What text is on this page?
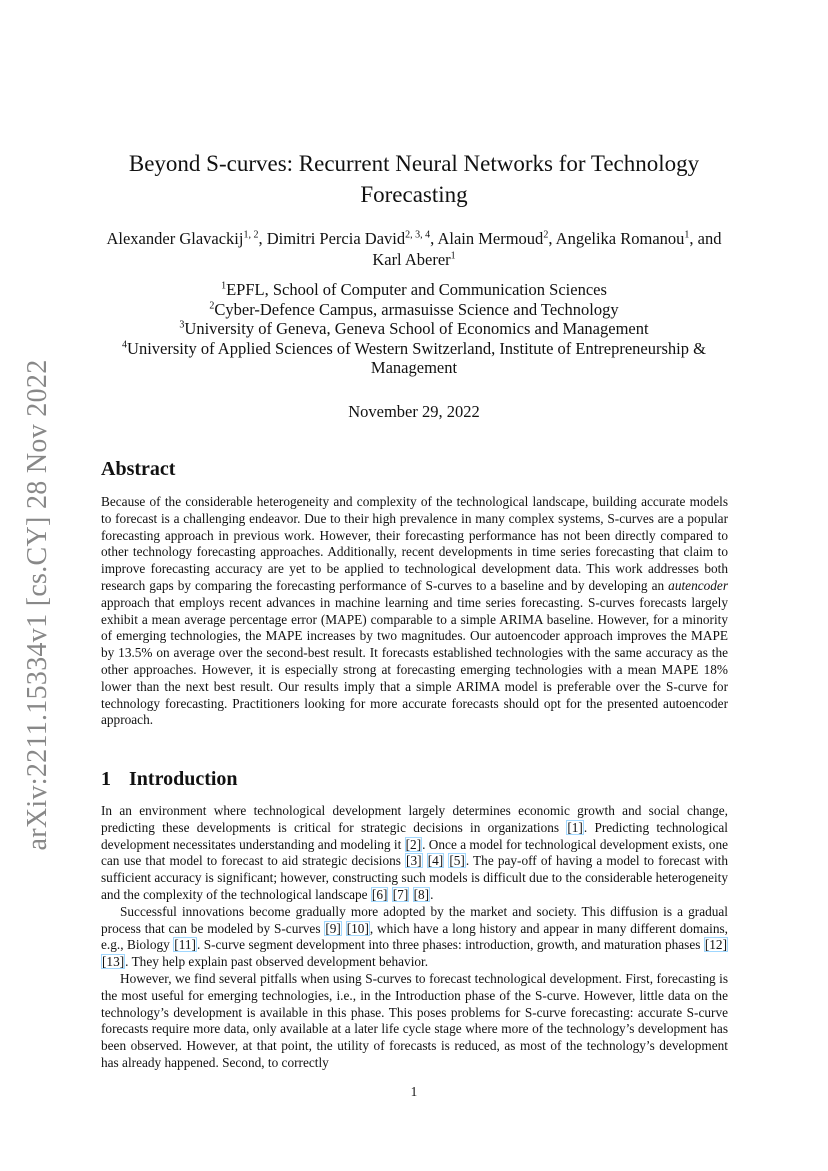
arXiv:2211.15334v1 [cs.CY] 28 Nov 2022
Beyond S-curves: Recurrent Neural Networks for Technology
Forecasting
Alexander Glavackij$^{1, 2}$, Dimitri Percia David$^{2, 3, 4}$, Alain Mermoud$^2$, Angelika Romanou$^1$, and Karl Aberer$^1$
$^1$EPFL, School of Computer and Communication Sciences
$^2$Cyber-Defence Campus, armasuisse Science and Technology
$^3$University of Geneva, Geneva School of Economics and Management
$^4$University of Applied Sciences of Western Switzerland, Institute of Entrepreneurship & Management
November 29, 2022
Abstract
Because of the considerable heterogeneity and complexity of the technological landscape, building accurate models to forecast is a challenging endeavor. Due to their high prevalence in many complex systems, S-curves are a popular forecasting approach in previous work. However, their forecasting performance has not been directly compared to other technology forecasting approaches. Additionally, recent developments in time series forecasting that claim to improve forecasting accuracy are yet to be applied to technological development data. This work addresses both research gaps by comparing the forecasting performance of S-curves to a baseline and by developing an autencoder approach that employs recent advances in machine learning and time series forecasting. S-curves forecasts largely exhibit a mean average percentage error (MAPE) comparable to a simple ARIMA baseline. However, for a minority of emerging technologies, the MAPE increases by two magnitudes. Our autoencoder approach improves the MAPE by 13.5% on average over the second-best result. It forecasts established technologies with the same accuracy as the other approaches. However, it is especially strong at forecasting emerging technologies with a mean MAPE 18% lower than the next best result. Our results imply that a simple ARIMA model is preferable over the S-curve for technology forecasting. Practitioners looking for more accurate forecasts should opt for the presented autoencoder approach.
1 Introduction

In an environment where technological development largely determines economic growth and social change, predicting these developments is critical for strategic decisions in organizations [1]. Predicting technological development necessitates understanding and modeling it [2]. Once a model for technological development exists, one can use that model to forecast to aid strategic decisions [3] [4] [5]. The pay-off of having a model to forecast with sufficient accuracy is significant; however, constructing such models is difficult due to the considerable heterogeneity and the complexity of the technological landscape [6] [7] [8].

Successful innovations become gradually more adopted by the market and society. This diffusion is a gradual process that can be modeled by S-curves [9] [10], which have a long history and appear in many different domains, e.g., Biology [11]. S-curve segment development into three phases: introduction, growth, and maturation phases [12] [13]. They help explain past observed development behavior.

However, we find several pitfalls when using S-curves to forecast technological development. First, forecasting is the most useful for emerging technologies, i.e., in the Introduction phase of the S-curve. However, little data on the technology’s development is available in this phase. This poses problems for S-curve forecasting: accurate S-curve forecasts require more data, only available at a later life cycle stage where more of the technology’s development has been observed. However, at that point, the utility of forecasts is reduced, as most of the technology’s development has already happened. Second, to correctly

1
